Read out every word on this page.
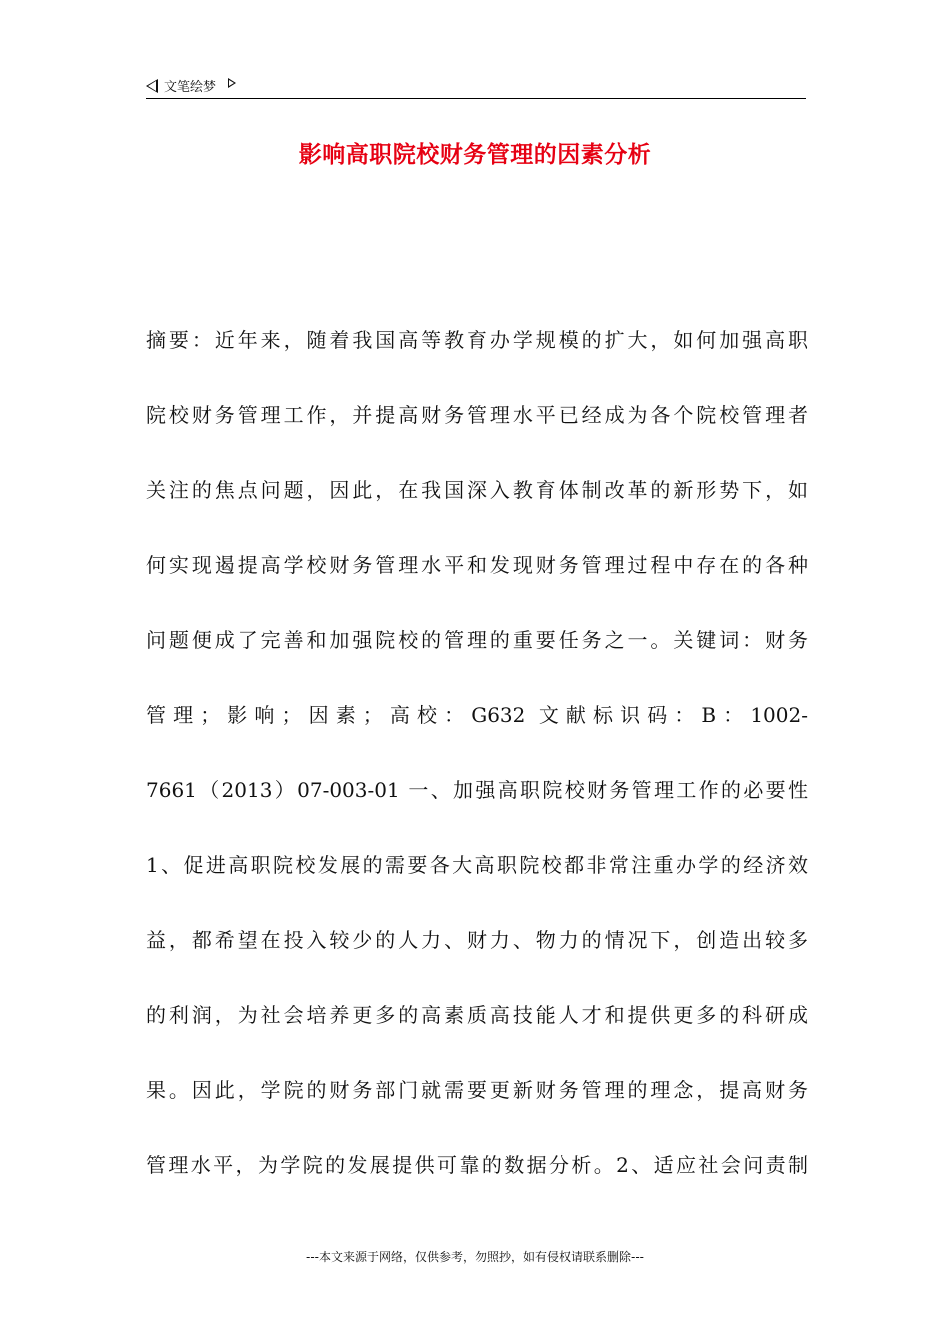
文笔绘梦
影响高职院校财务管理的因素分析
摘要：近年来，随着我国高等教育办学规模的扩大，如何加强高职
院校财务管理工作，并提高财务管理水平已经成为各个院校管理者
关注的焦点问题，因此，在我国深入教育体制改革的新形势下，如
何实现遏提高学校财务管理水平和发现财务管理过程中存在的各种
问题便成了完善和加强院校的管理的重要任务之一。关键词：财务
管理；影响；因素；高校：G632 文献标识码：B：1002-
7661（2013）07-003-01 一、加强高职院校财务管理工作的必要性
1、促进高职院校发展的需要各大高职院校都非常注重办学的经济效
益，都希望在投入较少的人力、财力、物力的情况下，创造出较多
的利润，为社会培养更多的高素质高技能人才和提供更多的科研成
果。因此，学院的财务部门就需要更新财务管理的理念，提高财务
管理水平，为学院的发展提供可靠的数据分析。2、适应社会问责制
---本文来源于网络，仅供参考，勿照抄，如有侵权请联系删除---
